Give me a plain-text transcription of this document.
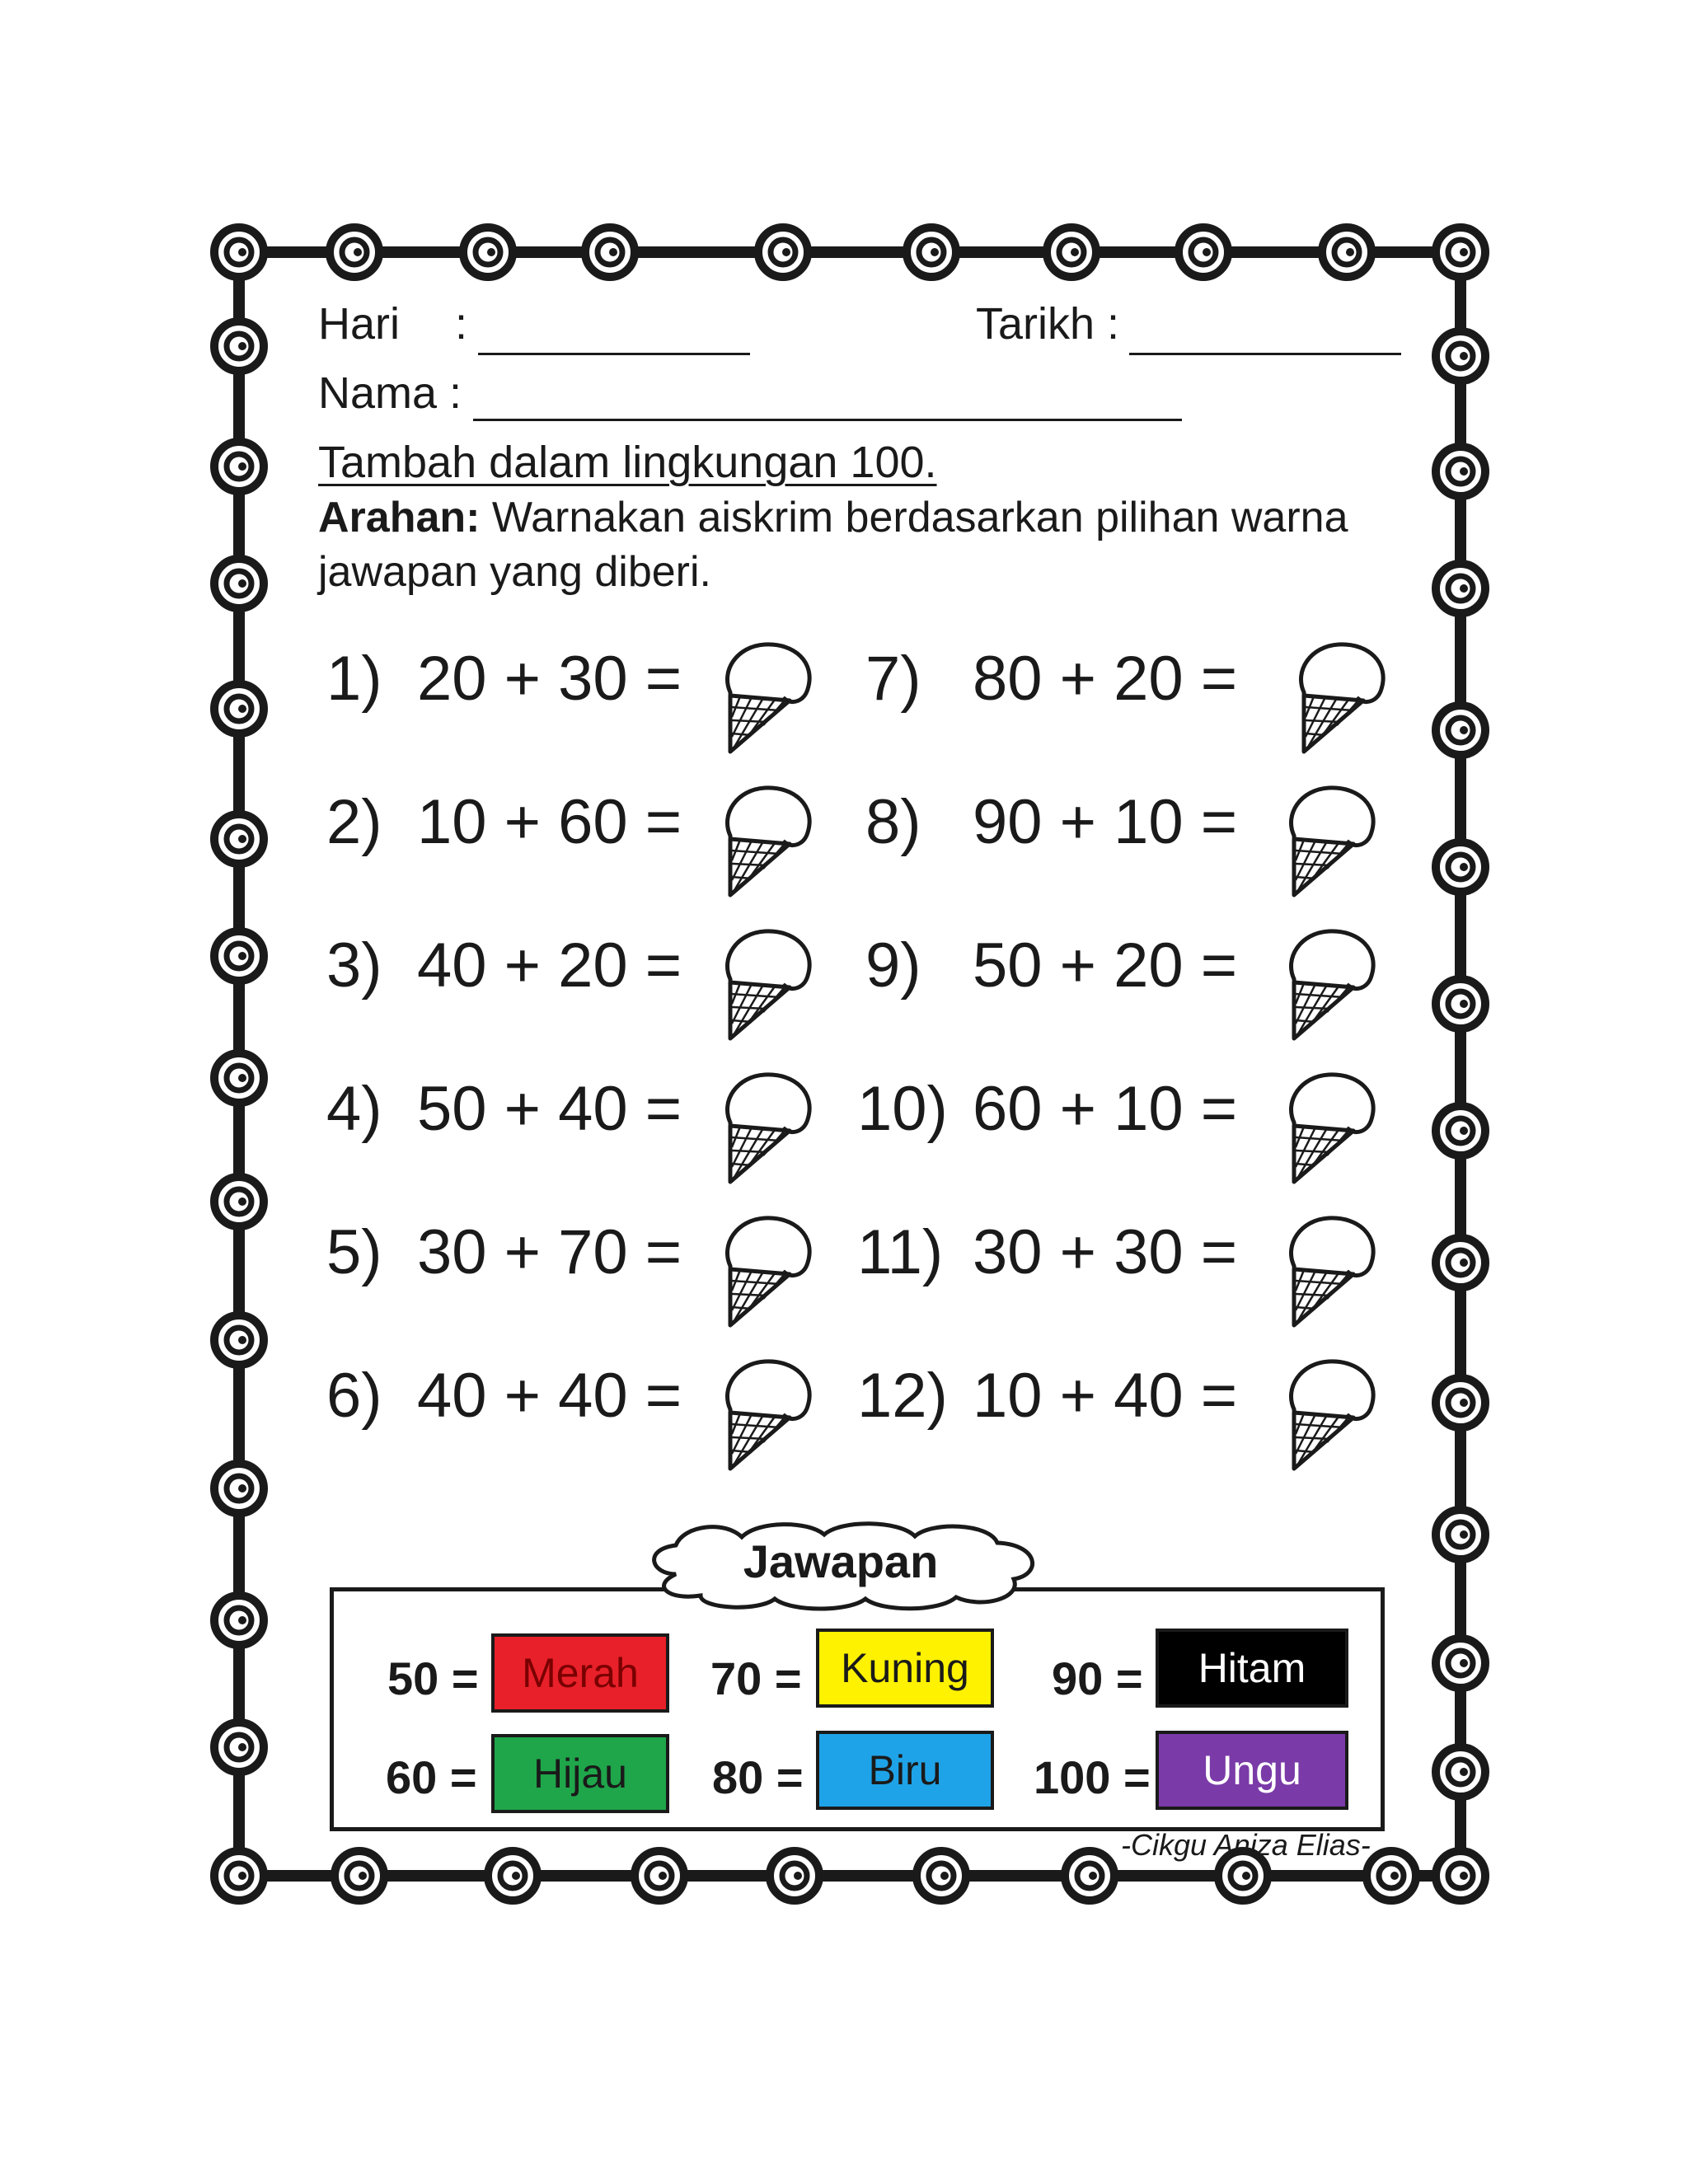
Hari :	Tarikh :
Nama :
Tambah dalam lingkungan 100.
Arahan: Warnakan aiskrim berdasarkan pilihan warna
jawapan yang diberi.
1) 20 + 30 =
2) 10 + 60 =
3) 40 + 20 =
4) 50 + 40 =
5) 30 + 70 =
6) 40 + 40 =
7) 80 + 20 =
8) 90 + 10 =
9) 50 + 20 =
10) 60 + 10 =
11) 30 + 30 =
12) 10 + 40 =
Jawapan
50 = Merah 70 = Kuning 90 = Hitam
60 = Hijau 80 = Biru 100 = Ungu
-Cikgu Aniza Elias-
